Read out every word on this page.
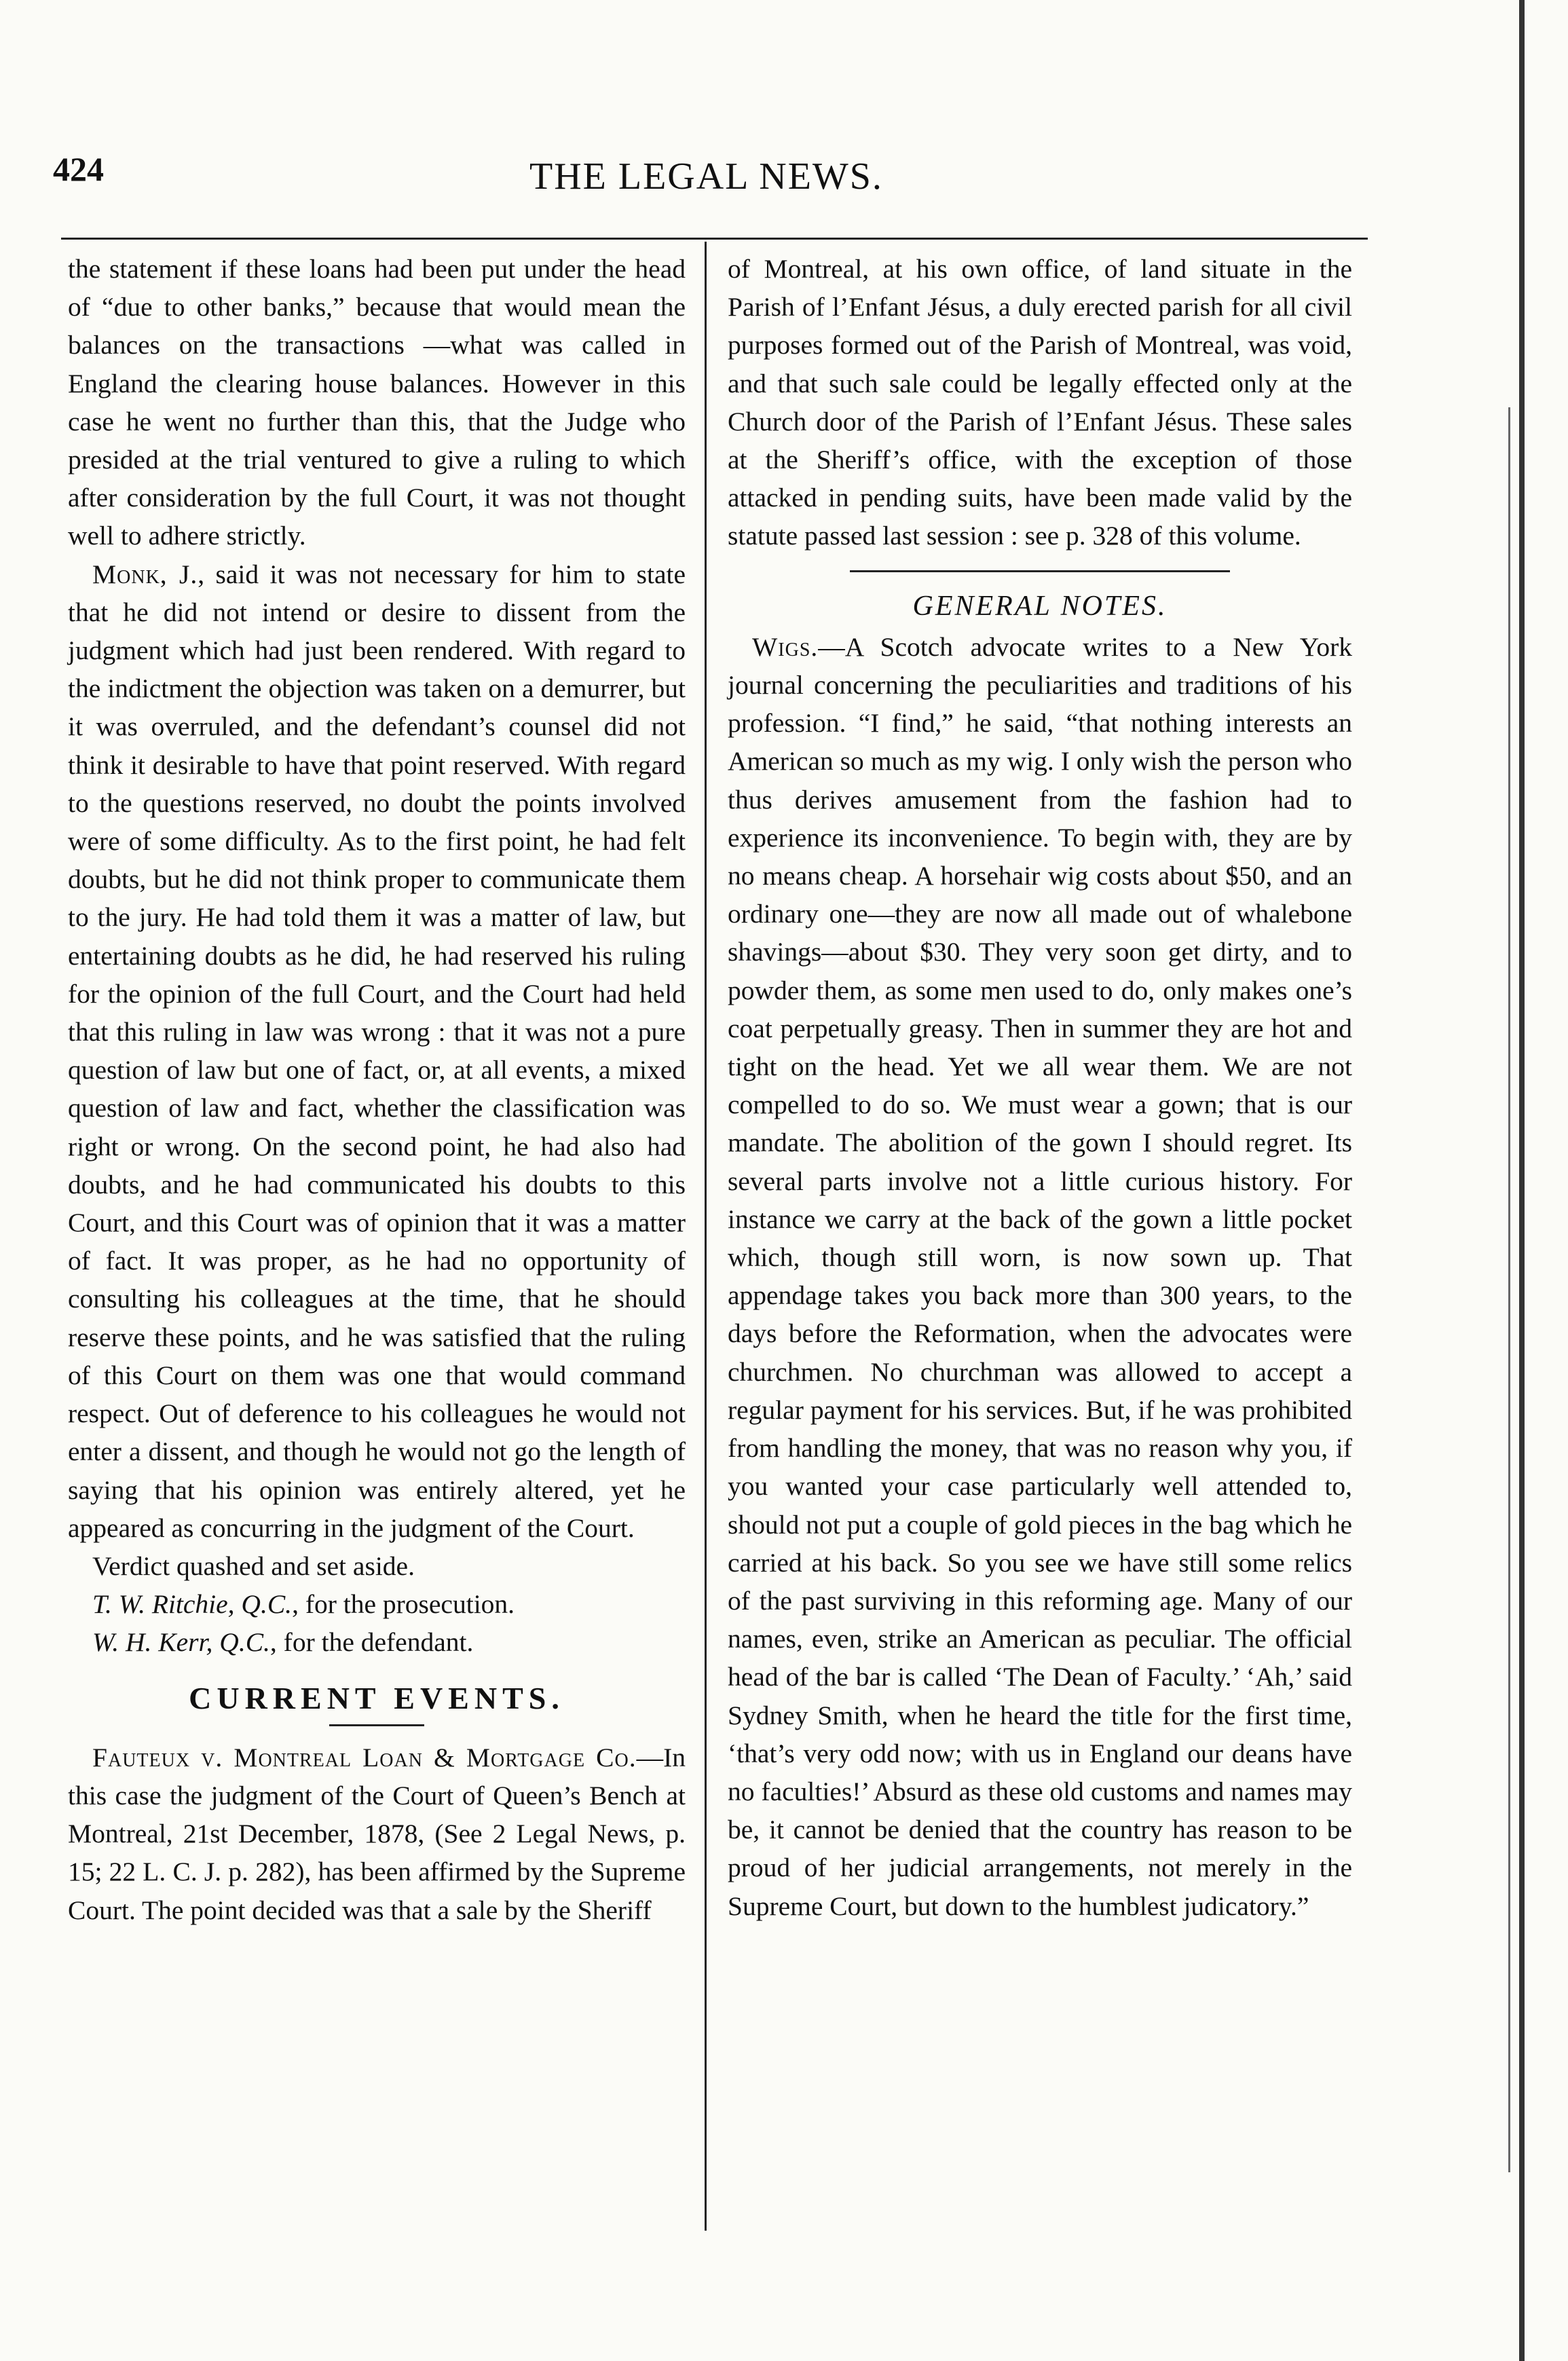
424	THE LEGAL NEWS.

the statement if these loans had been put under the head of “due to other banks,” because that would mean the balances on the transactions —what was called in England the clearing house balances. However in this case he went no further than this, that the Judge who presided at the trial ventured to give a ruling to which after consideration by the full Court, it was not thought well to adhere strictly.

Monk, J., said it was not necessary for him to state that he did not intend or desire to dissent from the judgment which had just been rendered. With regard to the indictment the objection was taken on a demurrer, but it was overruled, and the defendant’s counsel did not think it desirable to have that point reserved. With regard to the questions reserved, no doubt the points involved were of some difficulty. As to the first point, he had felt doubts, but he did not think proper to communicate them to the jury. He had told them it was a matter of law, but entertaining doubts as he did, he had reserved his ruling for the opinion of the full Court, and the Court had held that this ruling in law was wrong : that it was not a pure question of law but one of fact, or, at all events, a mixed question of law and fact, whether the classification was right or wrong. On the second point, he had also had doubts, and he had communicated his doubts to this Court, and this Court was of opinion that it was a matter of fact. It was proper, as he had no opportunity of consulting his colleagues at the time, that he should reserve these points, and he was satisfied that the ruling of this Court on them was one that would command respect. Out of deference to his colleagues he would not enter a dissent, and though he would not go the length of saying that his opinion was entirely altered, yet he appeared as concurring in the judgment of the Court.

Verdict quashed and set aside.

T. W. Ritchie, Q.C., for the prosecution.

W. H. Kerr, Q.C., for the defendant.

CURRENT EVENTS.

Fauteux v. Montreal Loan & Mortgage Co.—In this case the judgment of the Court of Queen’s Bench at Montreal, 21st December, 1878, (See 2 Legal News, p. 15; 22 L. C. J. p. 282), has been affirmed by the Supreme Court. The point decided was that a sale by the Sheriff

of Montreal, at his own office, of land situate in the Parish of l’Enfant Jésus, a duly erected parish for all civil purposes formed out of the Parish of Montreal, was void, and that such sale could be legally effected only at the Church door of the Parish of l’Enfant Jésus. These sales at the Sheriff’s office, with the exception of those attacked in pending suits, have been made valid by the statute passed last session : see p. 328 of this volume.

GENERAL NOTES.

Wigs.—A Scotch advocate writes to a New York journal concerning the peculiarities and traditions of his profession. “I find,” he said, “that nothing interests an American so much as my wig. I only wish the person who thus derives amusement from the fashion had to experience its inconvenience. To begin with, they are by no means cheap. A horsehair wig costs about $50, and an ordinary one—they are now all made out of whalebone shavings—about $30. They very soon get dirty, and to powder them, as some men used to do, only makes one’s coat perpetually greasy. Then in summer they are hot and tight on the head. Yet we all wear them. We are not compelled to do so. We must wear a gown; that is our mandate. The abolition of the gown I should regret. Its several parts involve not a little curious history. For instance we carry at the back of the gown a little pocket which, though still worn, is now sown up. That appendage takes you back more than 300 years, to the days before the Reformation, when the advocates were churchmen. No churchman was allowed to accept a regular payment for his services. But, if he was prohibited from handling the money, that was no reason why you, if you wanted your case particularly well attended to, should not put a couple of gold pieces in the bag which he carried at his back. So you see we have still some relics of the past surviving in this reforming age. Many of our names, even, strike an American as peculiar. The official head of the bar is called ‘The Dean of Faculty.’ ‘Ah,’ said Sydney Smith, when he heard the title for the first time, ‘that’s very odd now; with us in England our deans have no faculties!’ Absurd as these old customs and names may be, it cannot be denied that the country has reason to be proud of her judicial arrangements, not merely in the Supreme Court, but down to the humblest judicatory.”
